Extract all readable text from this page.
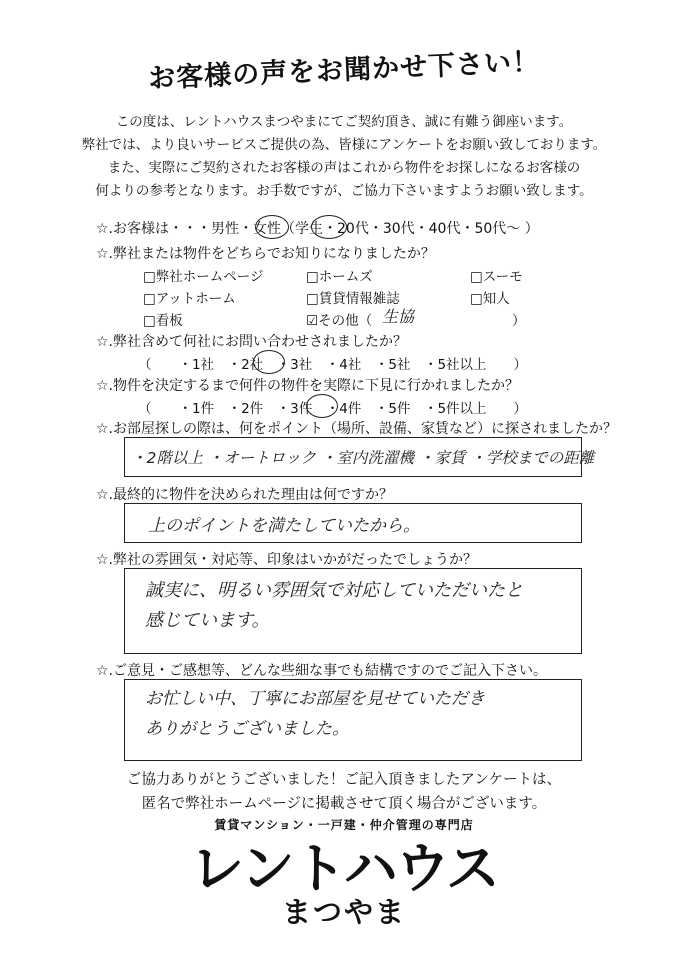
お客様の声をお聞かせ下さい！
この度は、レントハウスまつやまにてご契約頂き、誠に有難う御座います。
弊社では、より良いサービスご提供の為、皆様にアンケートをお願い致しております。
また、実際にご契約されたお客様の声はこれから物件をお探しになるお客様の
何よりの参考となります。お手数ですが、ご協力下さいますようお願い致します。
☆.お客様は・・・男性・女性（学生・20代・30代・40代・50代～ ）
☆.弊社または物件をどちらでお知りになりましたか？
□弊社ホームページ	□ホームズ	□スーモ
□アットホーム	□賃貸情報雑誌	□知人
□看板	☑その他（ 生協	）
☆.弊社含めて何社にお問い合わせされましたか？
（　　・1社　・2社　・3社　・4社　・5社　・5社以上　　）
☆.物件を決定するまで何件の物件を実際に下見に行かれましたか？
（　　・1件　・2件　・3件　・4件　・5件　・5件以上　　）
☆.お部屋探しの際は、何をポイント（場所、設備、家賃など）に探されましたか？
・2階以上 ・オートロック ・室内洗濯機 ・家賃 ・学校までの距離
☆.最終的に物件を決められた理由は何ですか？
上のポイントを満たしていたから。
☆.弊社の雰囲気・対応等、印象はいかがだったでしょうか？
誠実に、明るい雰囲気で対応していただいたと
感じています。
☆.ご意見・ご感想等、どんな些細な事でも結構ですのでご記入下さい。
お忙しい中、丁寧にお部屋を見せていただき
ありがとうございました。
ご協力ありがとうございました！ご記入頂きましたアンケートは、
匿名で弊社ホームページに掲載させて頂く場合がございます。
賃貸マンション・一戸建・仲介管理の専門店
レントハウス
まつやま
